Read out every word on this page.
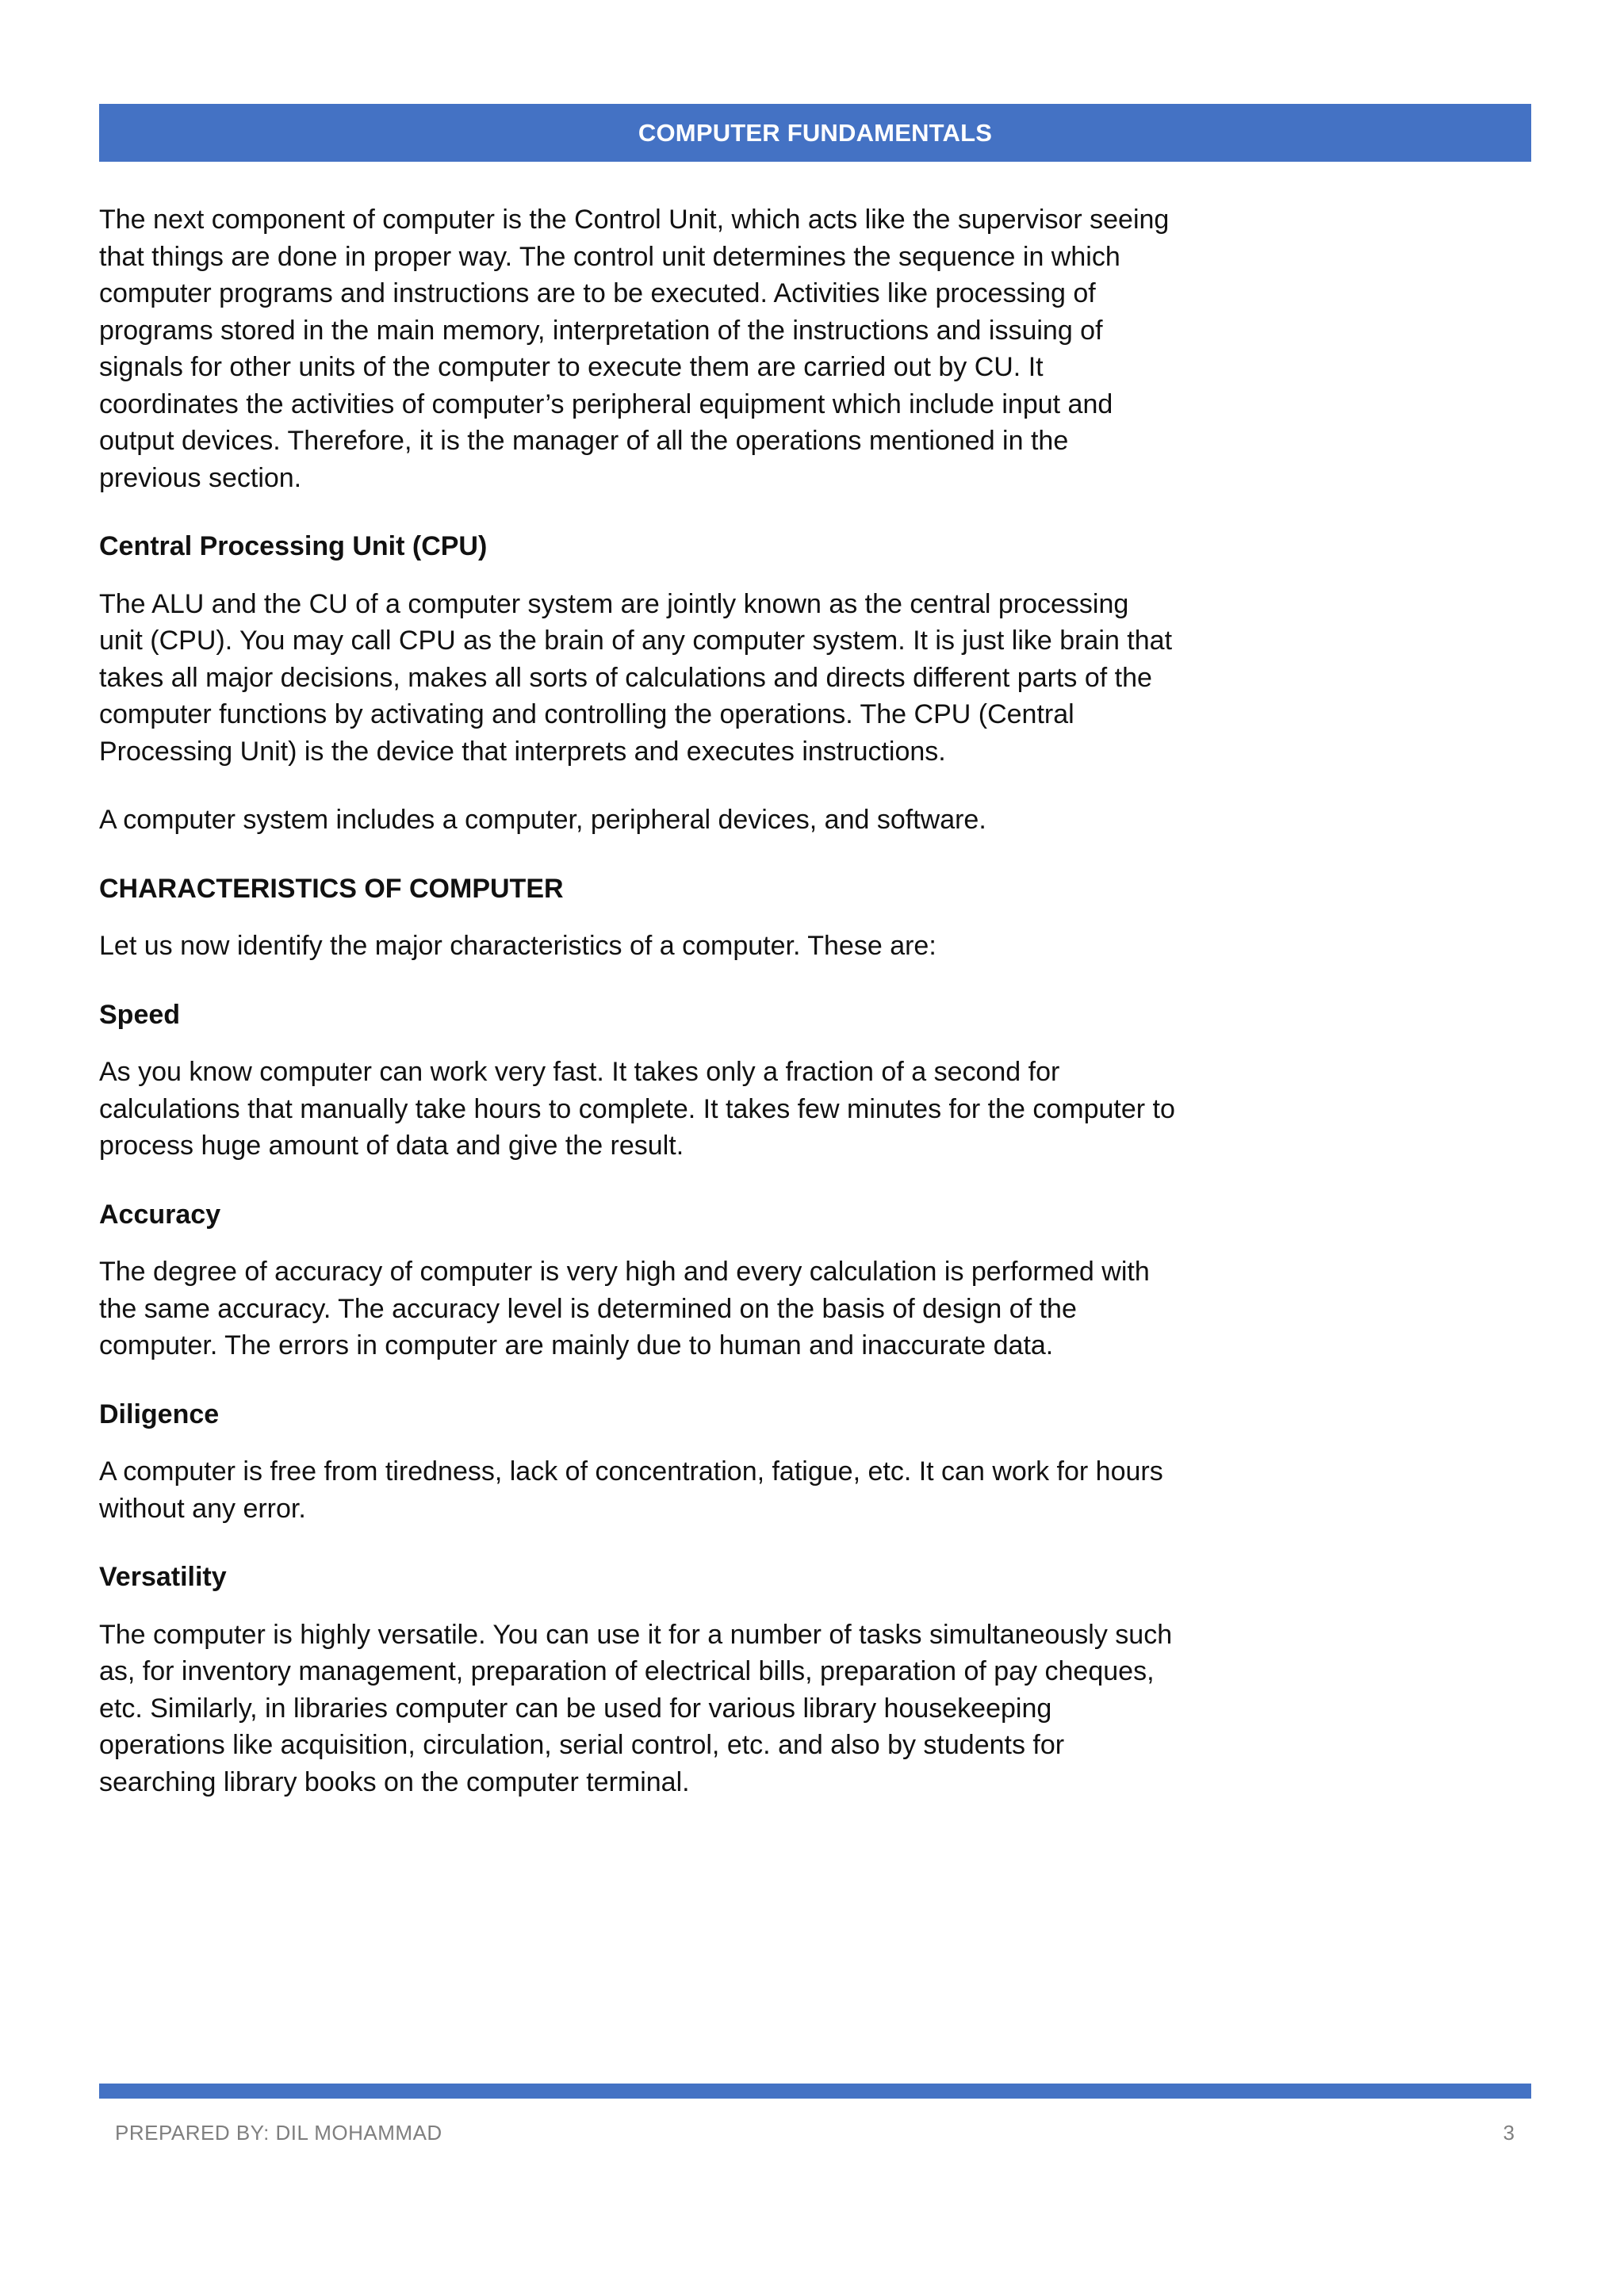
COMPUTER FUNDAMENTALS

The next component of computer is the Control Unit, which acts like the supervisor seeing that things are done in proper way. The control unit determines the sequence in which computer programs and instructions are to be executed. Activities like processing of programs stored in the main memory, interpretation of the instructions and issuing of signals for other units of the computer to execute them are carried out by CU. It coordinates the activities of computer’s peripheral equipment which include input and output devices. Therefore, it is the manager of all the operations mentioned in the previous section.

Central Processing Unit (CPU)

The ALU and the CU of a computer system are jointly known as the central processing unit (CPU). You may call CPU as the brain of any computer system. It is just like brain that takes all major decisions, makes all sorts of calculations and directs different parts of the computer functions by activating and controlling the operations. The CPU (Central Processing Unit) is the device that interprets and executes instructions.

A computer system includes a computer, peripheral devices, and software.

CHARACTERISTICS OF COMPUTER

Let us now identify the major characteristics of a computer. These are:

Speed

As you know computer can work very fast. It takes only a fraction of a second for calculations that manually take hours to complete. It takes few minutes for the computer to process huge amount of data and give the result.

Accuracy

The degree of accuracy of computer is very high and every calculation is performed with the same accuracy. The accuracy level is determined on the basis of design of the computer. The errors in computer are mainly due to human and inaccurate data.

Diligence

A computer is free from tiredness, lack of concentration, fatigue, etc. It can work for hours without any error.

Versatility

The computer is highly versatile. You can use it for a number of tasks simultaneously such as, for inventory management, preparation of electrical bills, preparation of pay cheques, etc. Similarly, in libraries computer can be used for various library housekeeping operations like acquisition, circulation, serial control, etc. and also by students for searching library books on the computer terminal.

PREPARED BY: DIL MOHAMMAD	3
